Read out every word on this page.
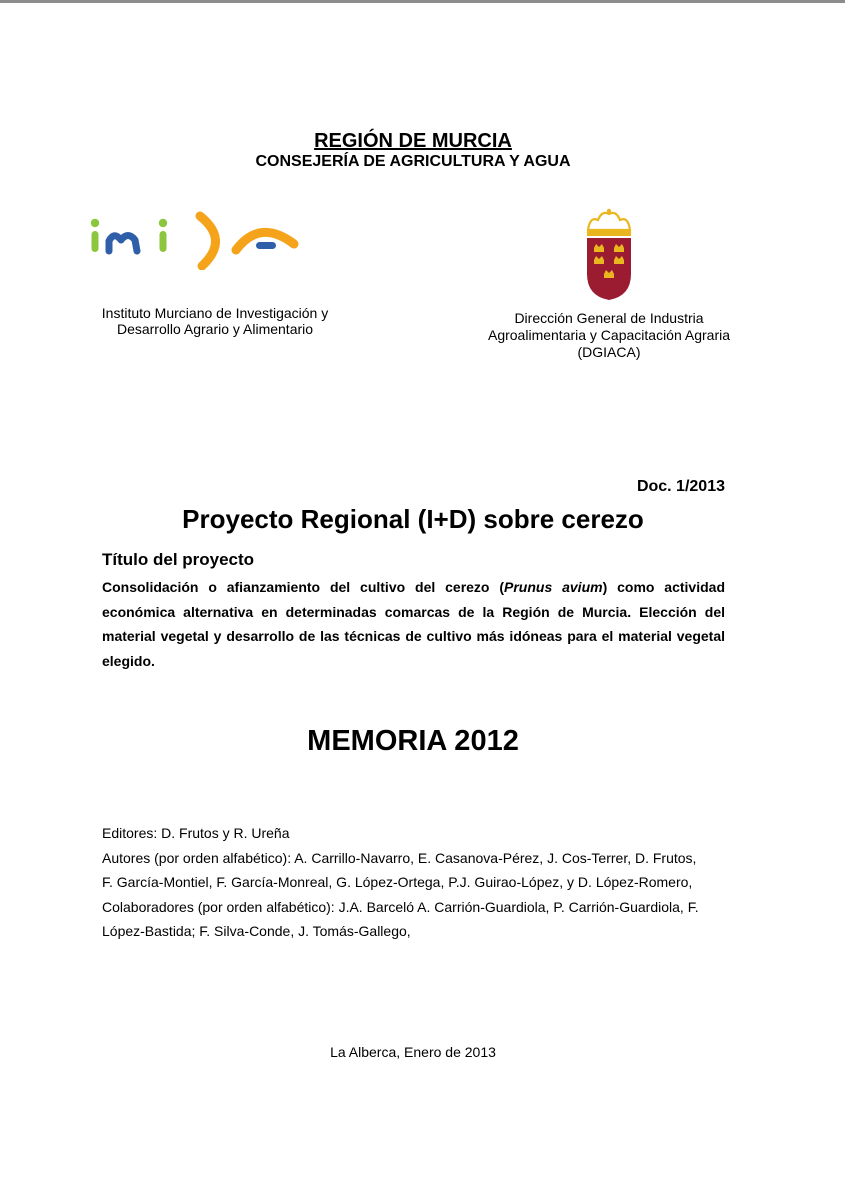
REGIÓN DE MURCIA
CONSEJERÍA DE AGRICULTURA Y AGUA
Instituto Murciano de Investigación y
Desarrollo Agrario y Alimentario
Dirección General de Industria
Agroalimentaria y Capacitación Agraria
(DGIACA)
Doc. 1/2013
Proyecto Regional (I+D) sobre cerezo
Título del proyecto
Consolidación o afianzamiento del cultivo del cerezo (Prunus avium) como actividad económica alternativa en determinadas comarcas de la Región de Murcia. Elección del material vegetal y desarrollo de las técnicas de cultivo más idóneas para el material vegetal elegido.
MEMORIA 2012
Editores: D. Frutos y R. Ureña
Autores (por orden alfabético): A. Carrillo-Navarro, E. Casanova-Pérez, J. Cos-Terrer, D. Frutos,
F. García-Montiel, F. García-Monreal, G. López-Ortega, P.J. Guirao-López, y D. López-Romero,
Colaboradores (por orden alfabético): J.A. Barceló A. Carrión-Guardiola, P. Carrión-Guardiola, F.
López-Bastida; F. Silva-Conde, J. Tomás-Gallego,
La Alberca, Enero de 2013
